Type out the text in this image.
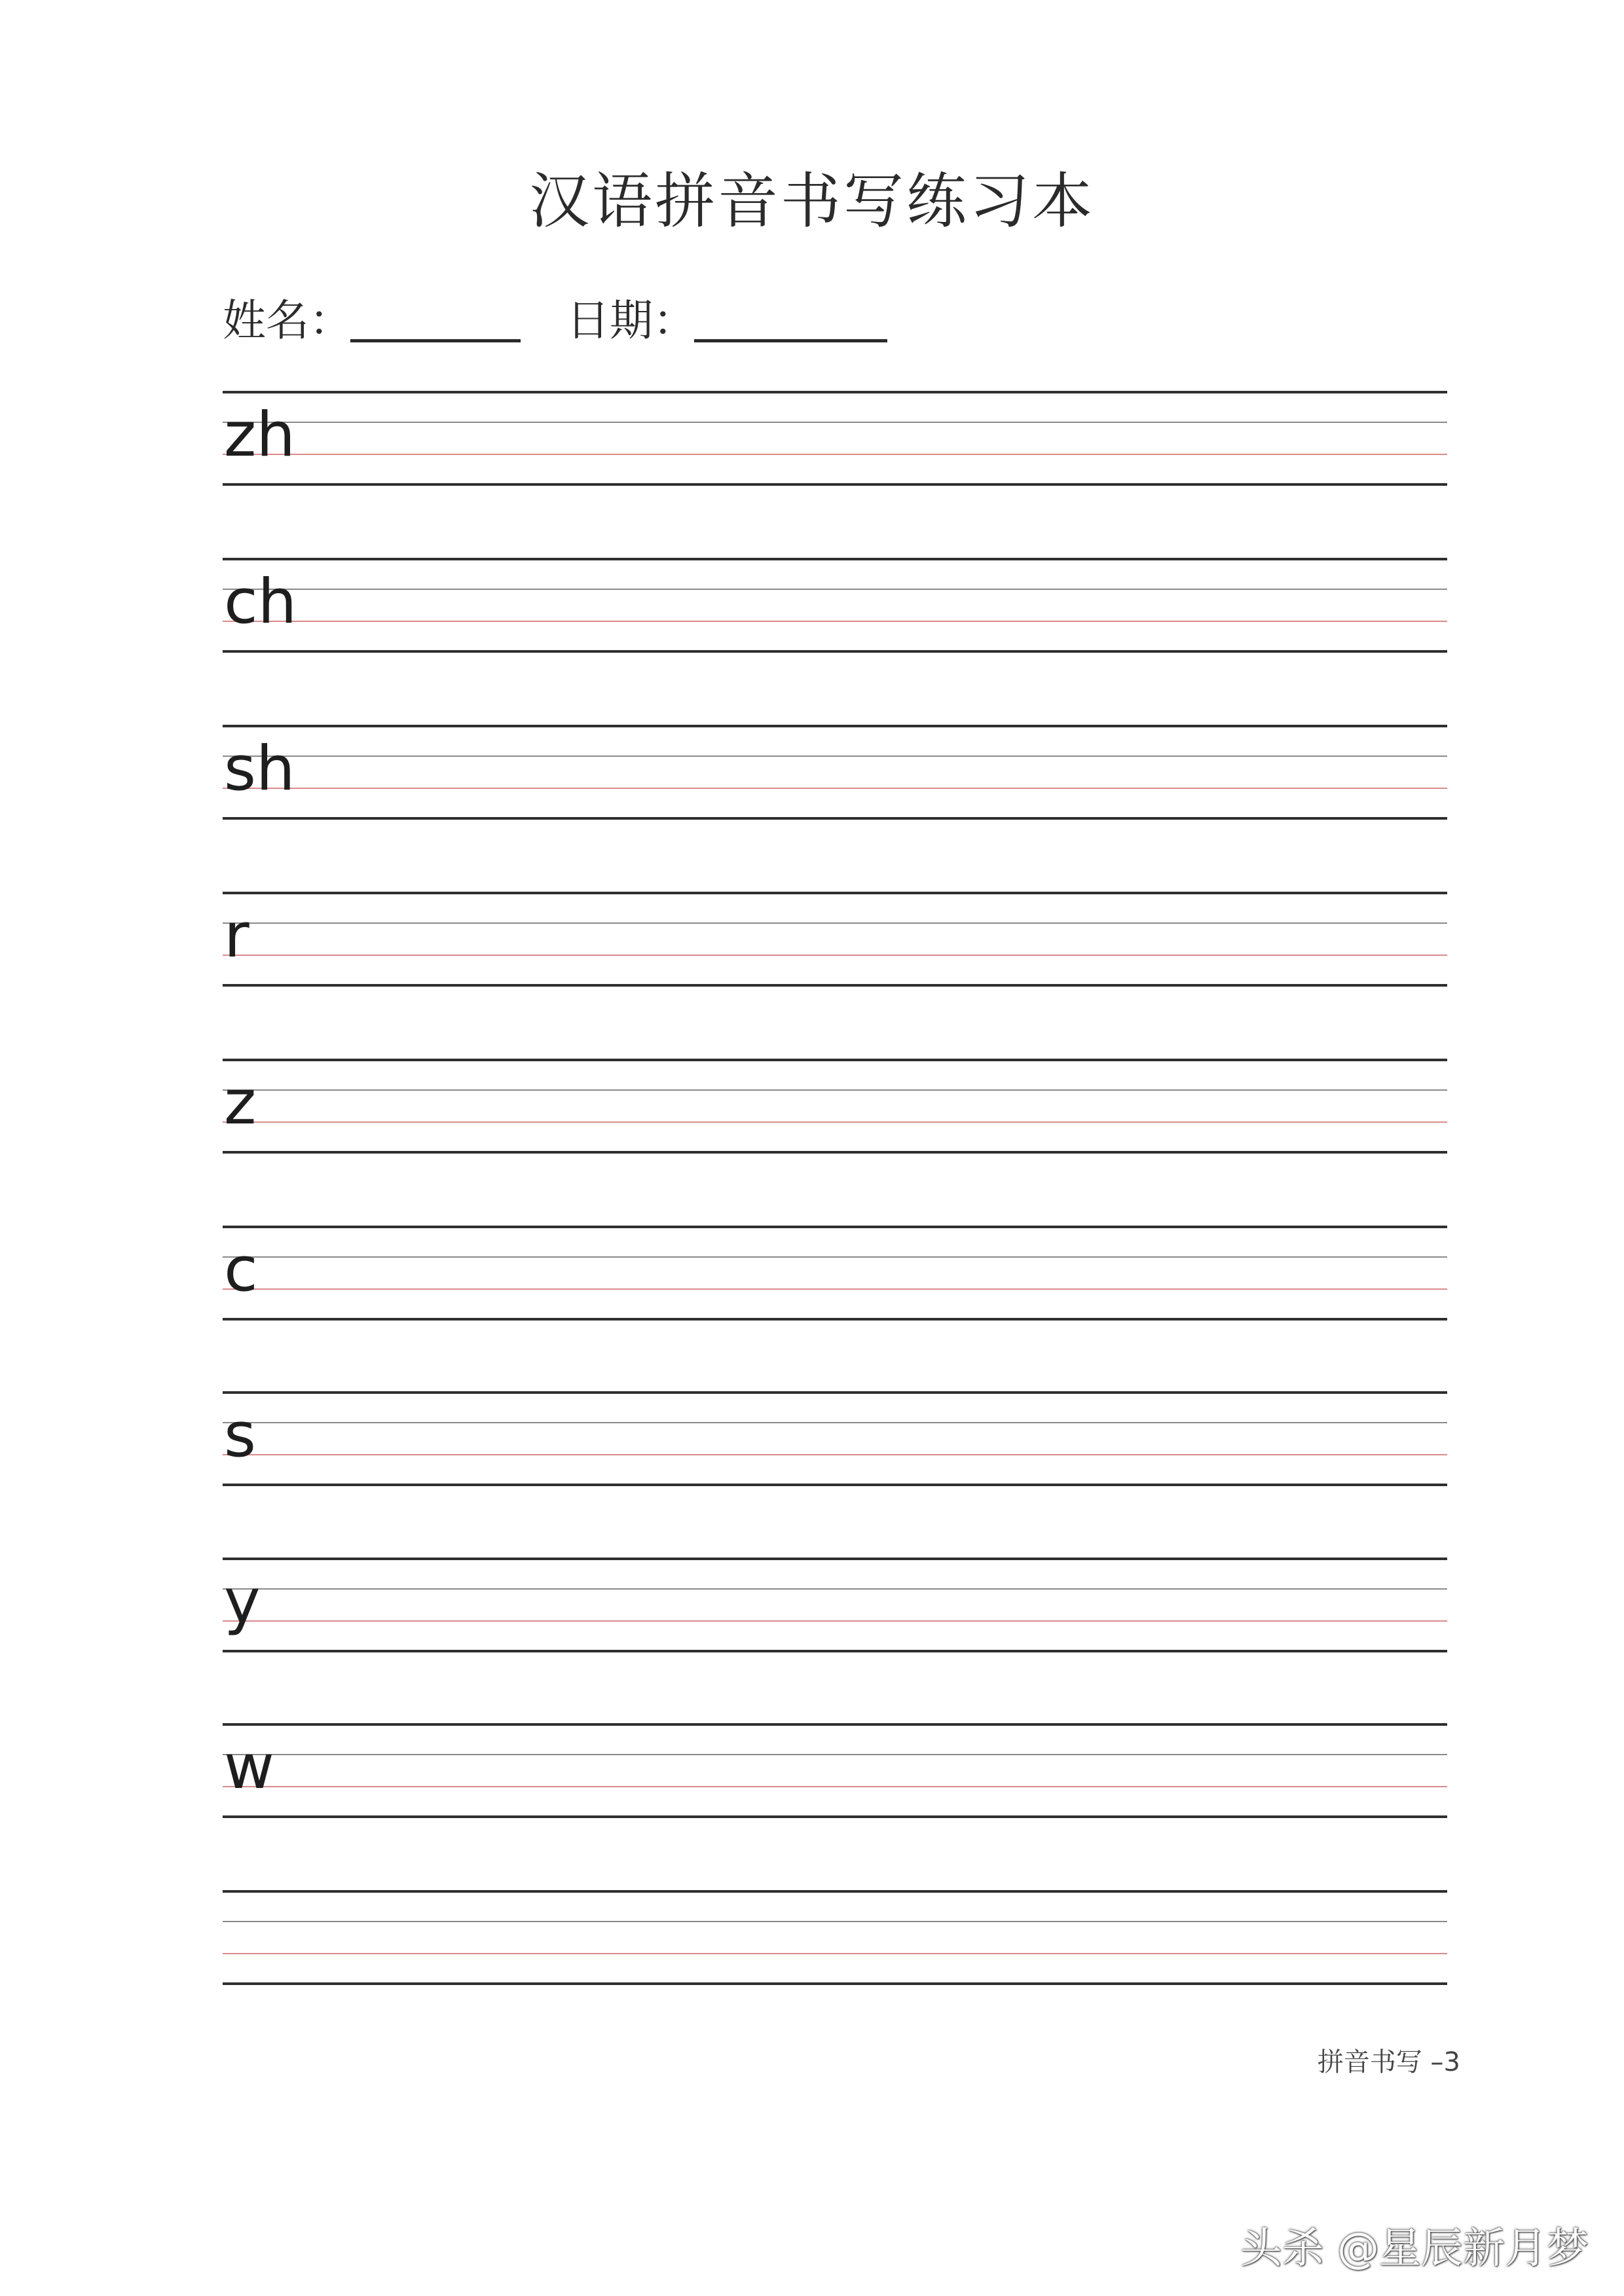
汉语拼音书写练习本
姓名：	日期：
zh
ch
sh
r
z
c
s
y
w
拼音书写 –3
头杀 @星辰新月梦
